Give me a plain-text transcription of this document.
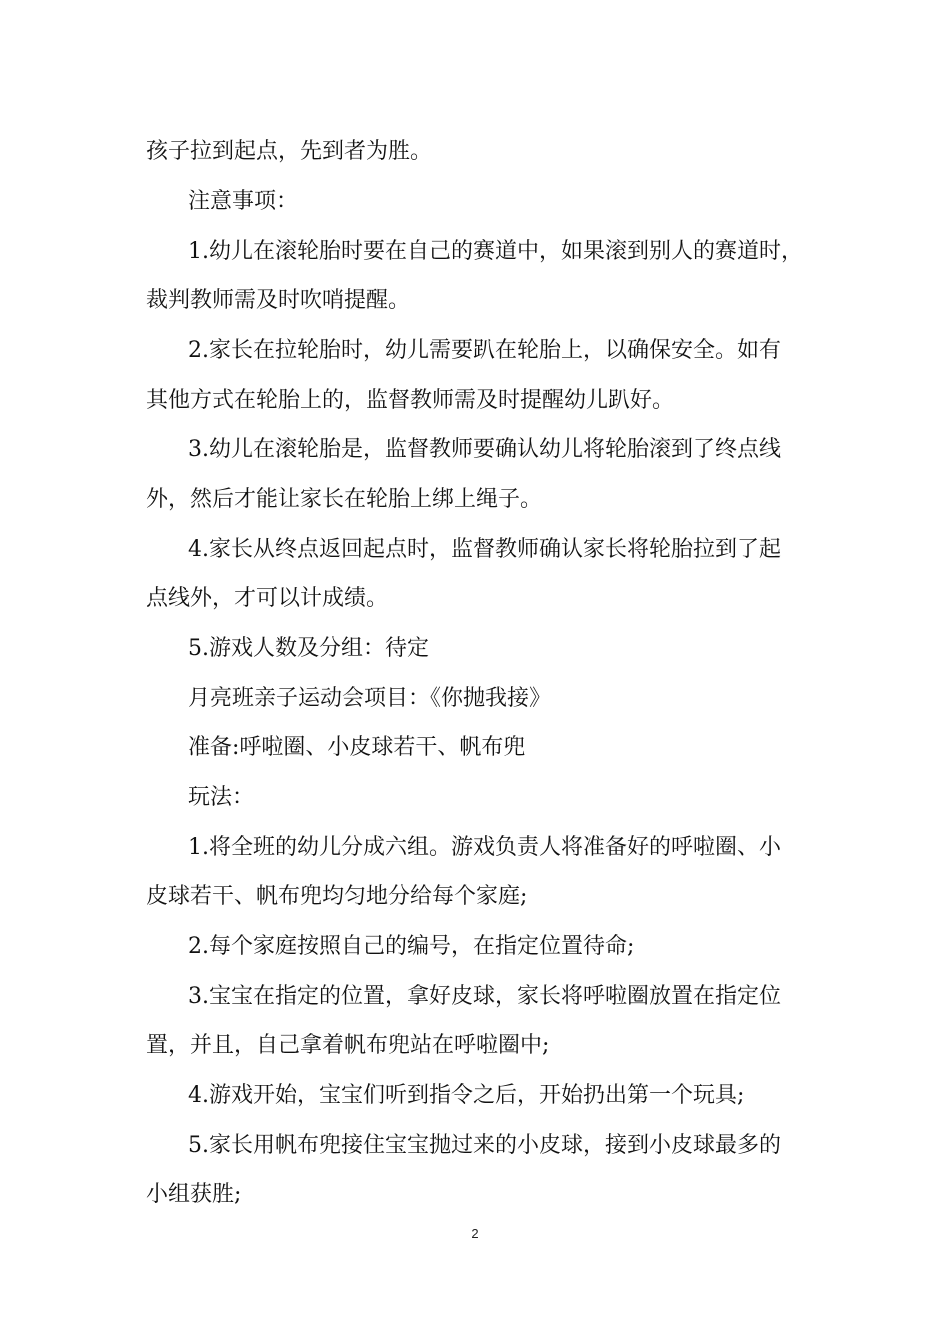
孩子拉到起点，先到者为胜。
注意事项：
1.幼儿在滚轮胎时要在自己的赛道中，如果滚到别人的赛道时，
裁判教师需及时吹哨提醒。
2.家长在拉轮胎时，幼儿需要趴在轮胎上，以确保安全。如有
其他方式在轮胎上的，监督教师需及时提醒幼儿趴好。
3.幼儿在滚轮胎是，监督教师要确认幼儿将轮胎滚到了终点线
外，然后才能让家长在轮胎上绑上绳子。
4.家长从终点返回起点时，监督教师确认家长将轮胎拉到了起
点线外，才可以计成绩。
5.游戏人数及分组：待定
月亮班亲子运动会项目：《你抛我接》
准备:呼啦圈、小皮球若干、帆布兜
玩法：
1.将全班的幼儿分成六组。游戏负责人将准备好的呼啦圈、小
皮球若干、帆布兜均匀地分给每个家庭;
2.每个家庭按照自己的编号，在指定位置待命;
3.宝宝在指定的位置，拿好皮球，家长将呼啦圈放置在指定位
置，并且，自己拿着帆布兜站在呼啦圈中;
4.游戏开始，宝宝们听到指令之后，开始扔出第一个玩具;
5.家长用帆布兜接住宝宝抛过来的小皮球，接到小皮球最多的
小组获胜;
2
